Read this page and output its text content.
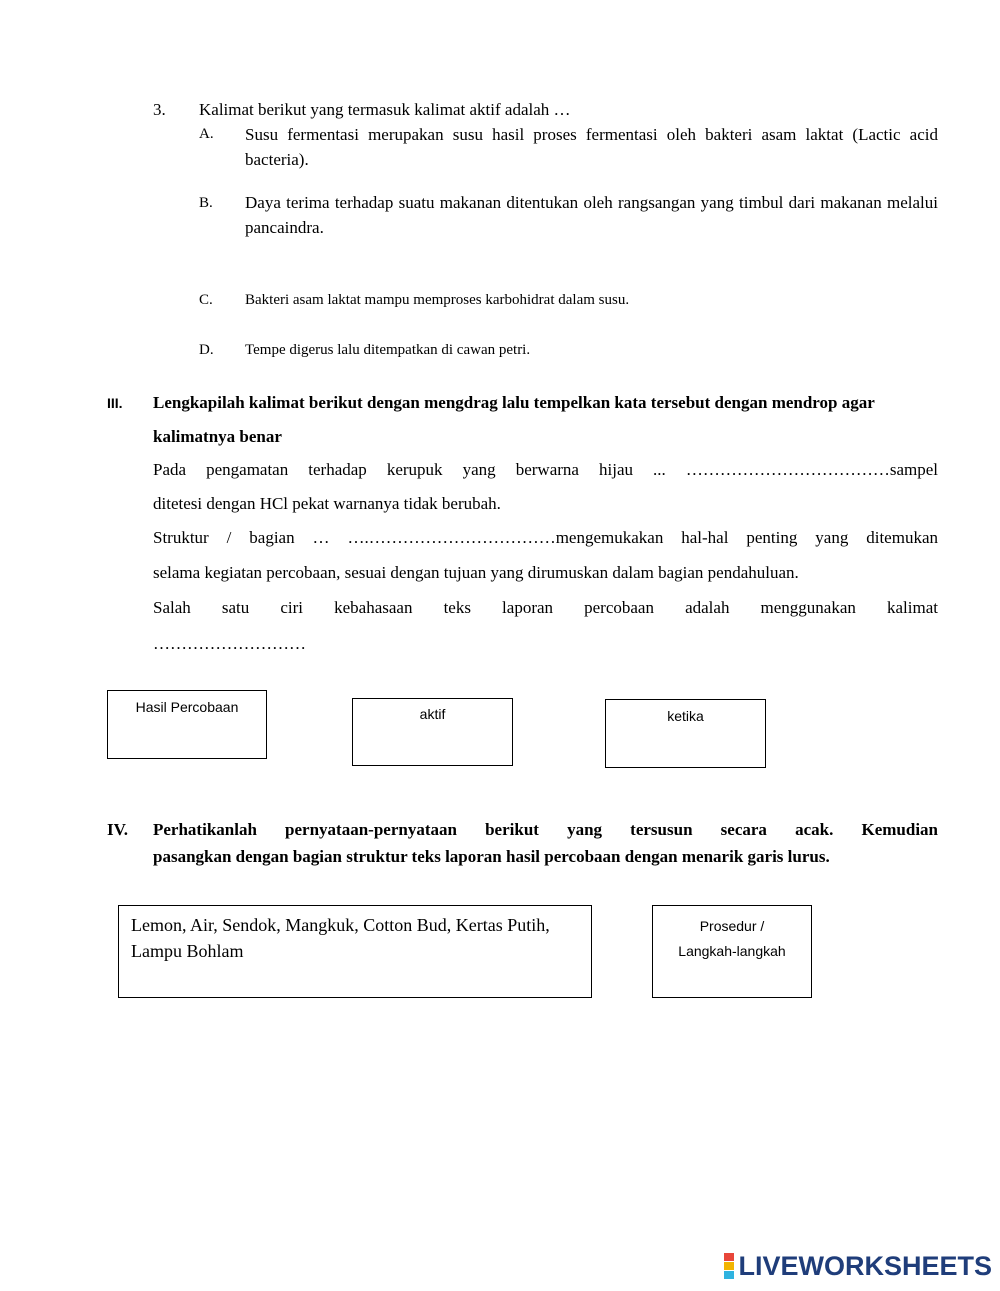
3. Kalimat berikut yang termasuk kalimat aktif adalah …
A. Susu fermentasi merupakan susu hasil proses fermentasi oleh bakteri asam laktat (Lactic acid bacteria).
B. Daya terima terhadap suatu makanan ditentukan oleh rangsangan yang timbul dari makanan melalui pancaindra.
C. Bakteri asam laktat mampu memproses karbohidrat dalam susu.
D. Tempe digerus lalu ditempatkan di cawan petri.
III. Lengkapilah kalimat berikut dengan mengdrag lalu tempelkan kata tersebut dengan mendrop agar
kalimatnya benar
Pada pengamatan terhadap kerupuk yang berwarna hijau ... ………………………………sampel
ditetesi dengan HCl pekat warnanya tidak berubah.
Struktur / bagian … ….……………………………mengemukakan hal-hal penting yang ditemukan
selama kegiatan percobaan, sesuai dengan tujuan yang dirumuskan dalam bagian pendahuluan.
Salah satu ciri kebahasaan teks laporan percobaan adalah menggunakan kalimat
………………………
Hasil Percobaan	aktif	ketika
IV. Perhatikanlah pernyataan-pernyataan berikut yang tersusun secara acak. Kemudian
pasangkan dengan bagian struktur teks laporan hasil percobaan dengan menarik garis lurus.
Lemon, Air, Sendok, Mangkuk, Cotton Bud, Kertas Putih, Lampu Bohlam
Prosedur /
Langkah-langkah
LIVEWORKSHEETS
